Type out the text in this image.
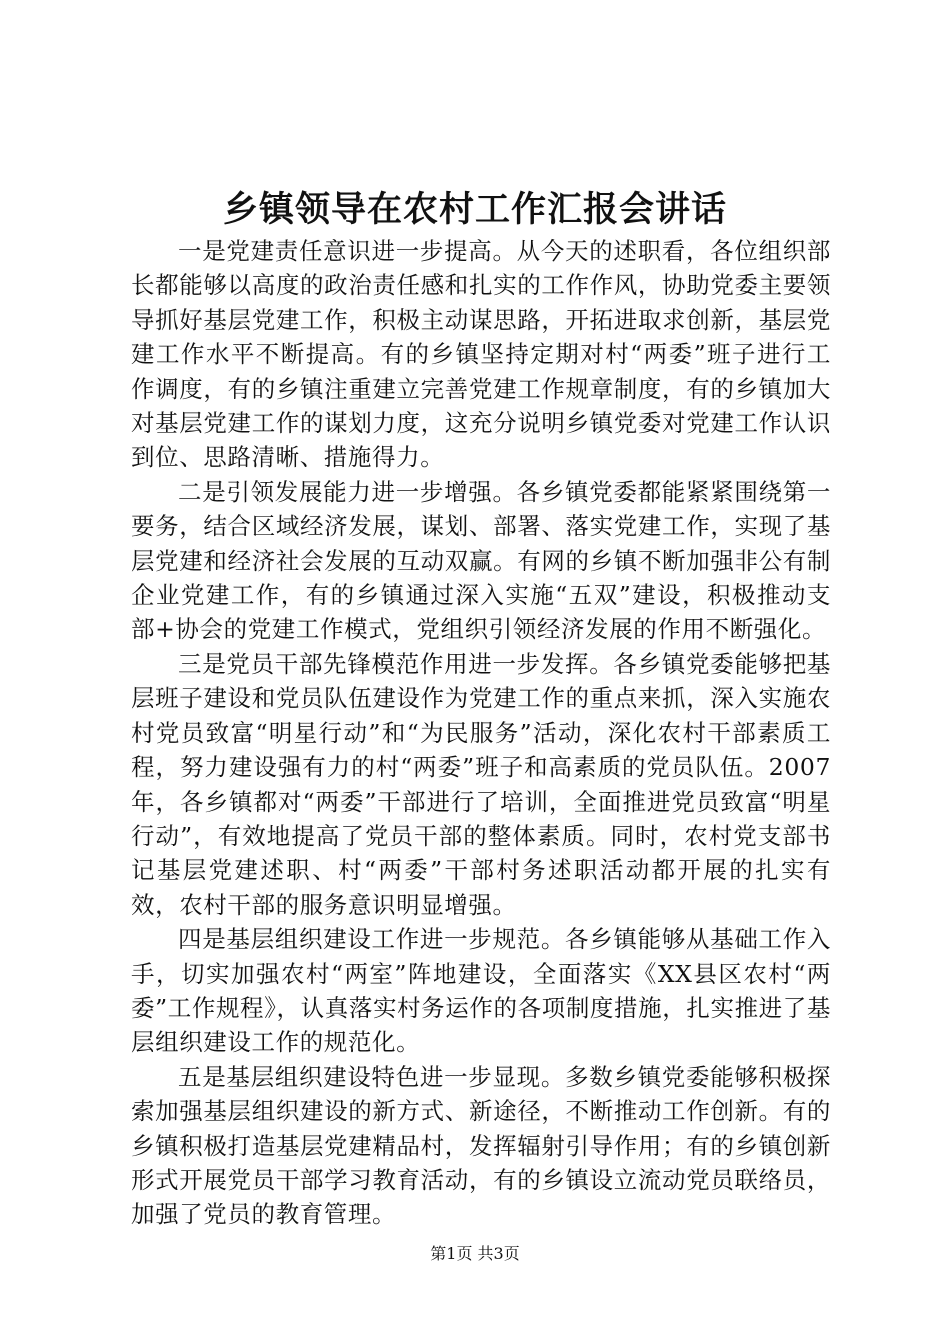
乡镇领导在农村工作汇报会讲话

一是党建责任意识进一步提高。从今天的述职看，各位组织部长都能够以高度的政治责任感和扎实的工作作风，协助党委主要领导抓好基层党建工作，积极主动谋思路，开拓进取求创新，基层党建工作水平不断提高。有的乡镇坚持定期对村“两委”班子进行工作调度，有的乡镇注重建立完善党建工作规章制度，有的乡镇加大对基层党建工作的谋划力度，这充分说明乡镇党委对党建工作认识到位、思路清晰、措施得力。

二是引领发展能力进一步增强。各乡镇党委都能紧紧围绕第一要务，结合区域经济发展，谋划、部署、落实党建工作，实现了基层党建和经济社会发展的互动双赢。有网的乡镇不断加强非公有制企业党建工作，有的乡镇通过深入实施“五双”建设，积极推动支部+协会的党建工作模式，党组织引领经济发展的作用不断强化。

三是党员干部先锋模范作用进一步发挥。各乡镇党委能够把基层班子建设和党员队伍建设作为党建工作的重点来抓，深入实施农村党员致富“明星行动”和“为民服务”活动，深化农村干部素质工程，努力建设强有力的村“两委”班子和高素质的党员队伍。2007年，各乡镇都对“两委”干部进行了培训，全面推进党员致富“明星行动”，有效地提高了党员干部的整体素质。同时，农村党支部书记基层党建述职、村“两委”干部村务述职活动都开展的扎实有效，农村干部的服务意识明显增强。

四是基层组织建设工作进一步规范。各乡镇能够从基础工作入手，切实加强农村“两室”阵地建设，全面落实《XX县区农村“两委”工作规程》，认真落实村务运作的各项制度措施，扎实推进了基层组织建设工作的规范化。

五是基层组织建设特色进一步显现。多数乡镇党委能够积极探索加强基层组织建设的新方式、新途径，不断推动工作创新。有的乡镇积极打造基层党建精品村，发挥辐射引导作用；有的乡镇创新形式开展党员干部学习教育活动，有的乡镇设立流动党员联络员，加强了党员的教育管理。

第1页 共3页
